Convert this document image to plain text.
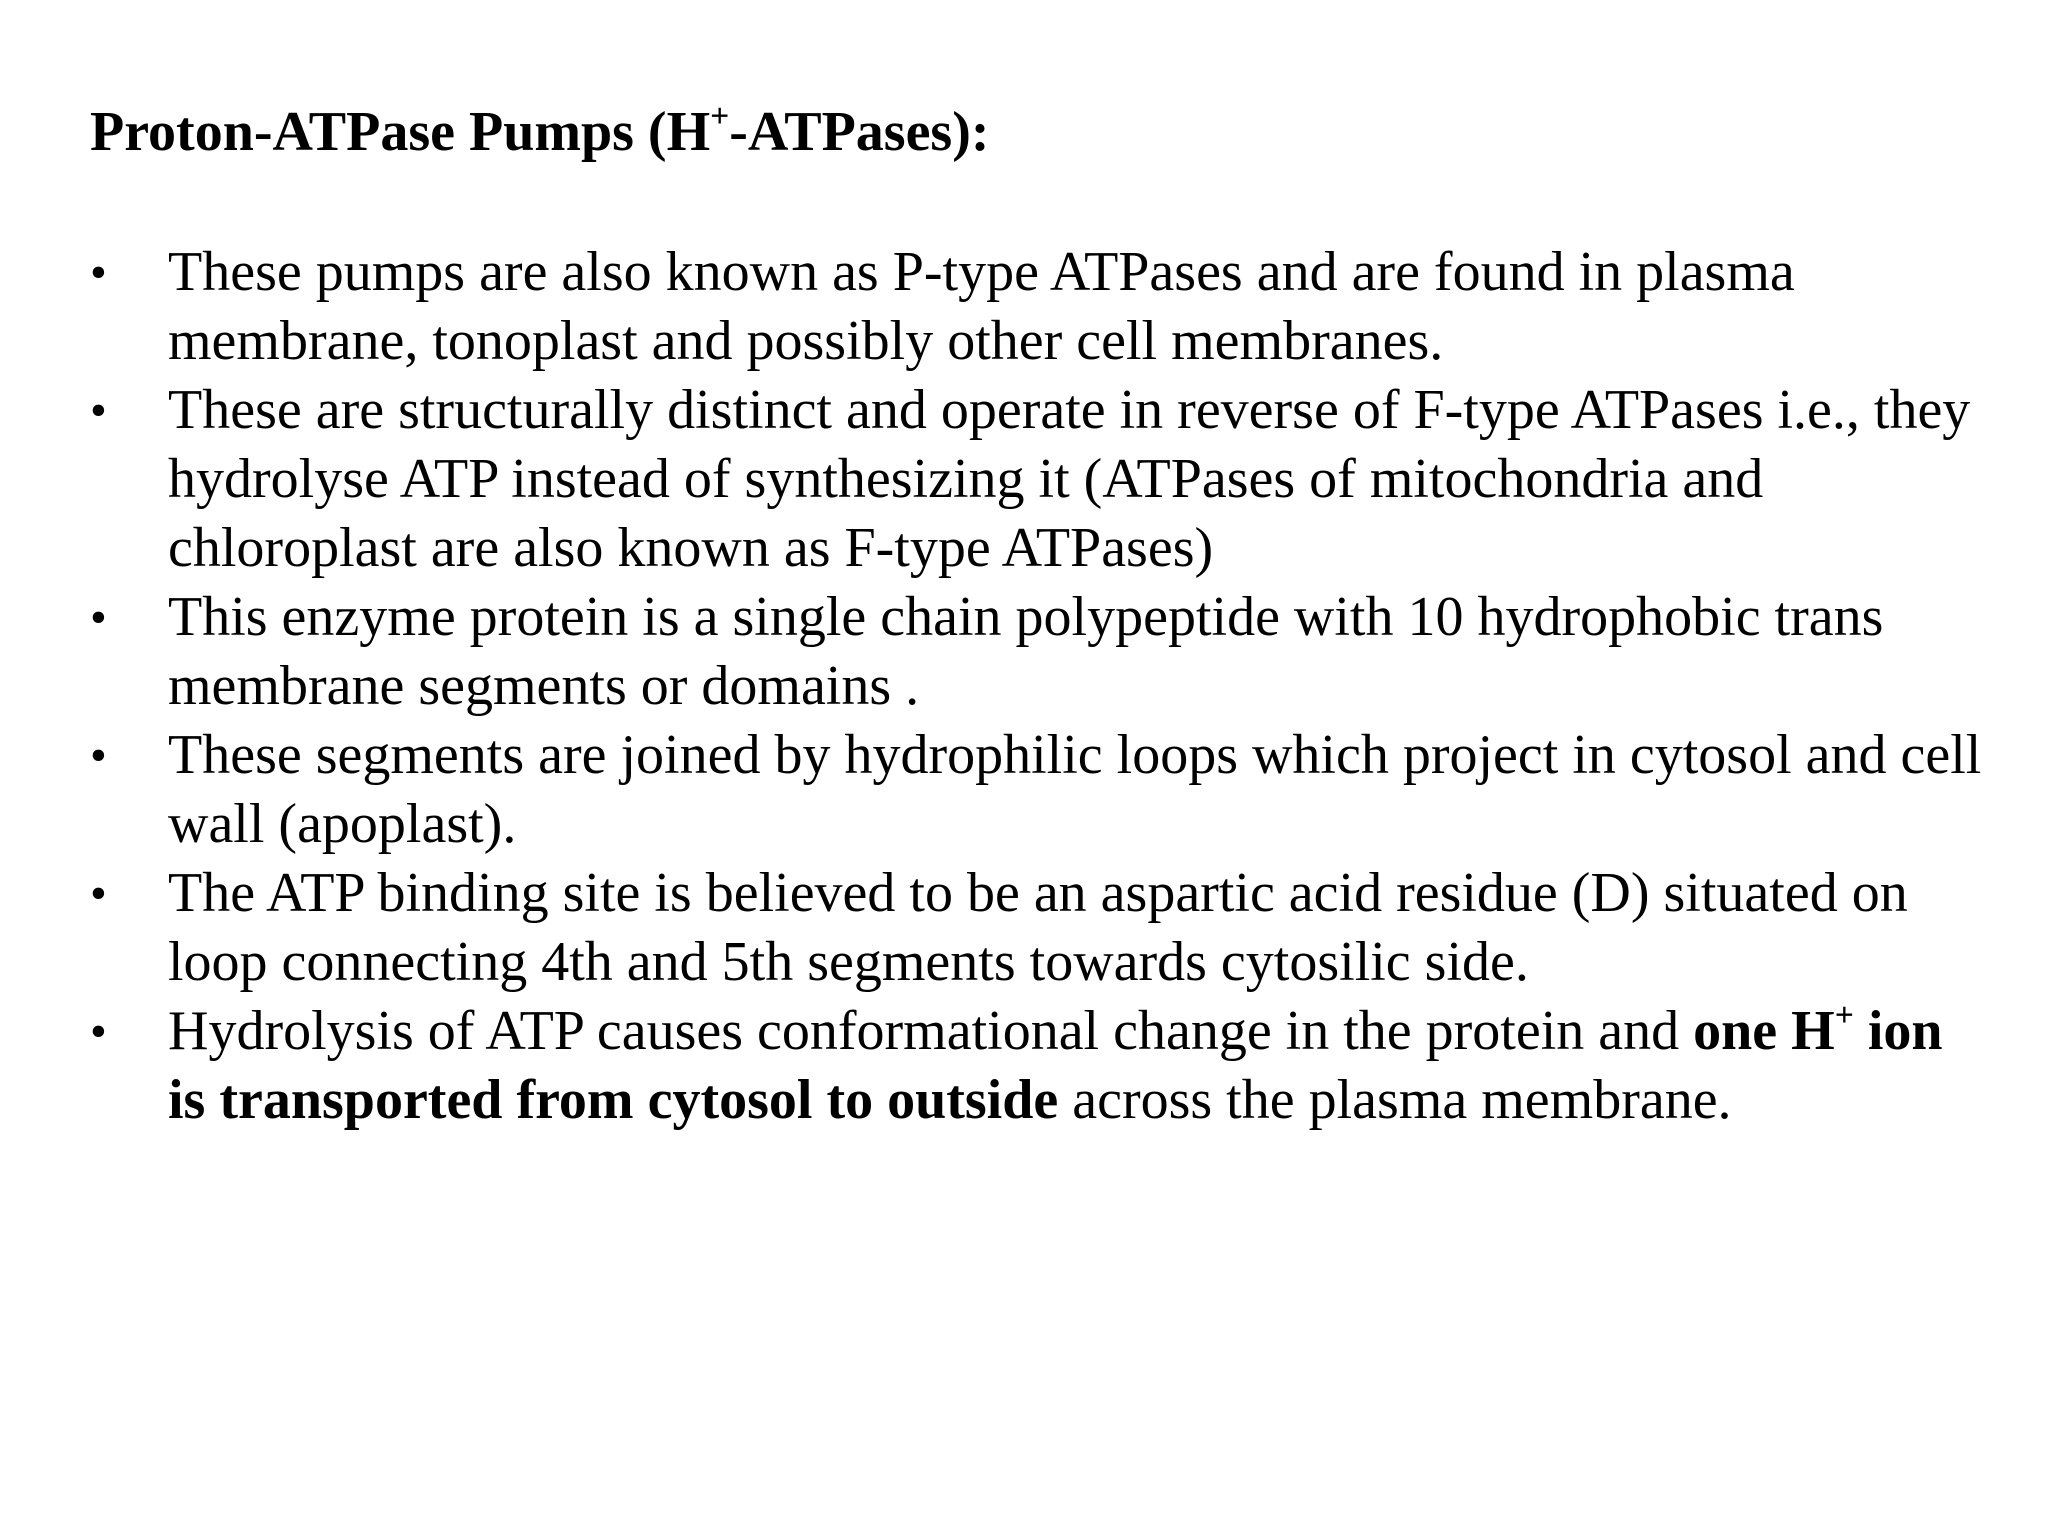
Proton-ATPase Pumps (H+-ATPases):
• These pumps are also known as P-type ATPases and are found in plasma membrane, tonoplast and possibly other cell membranes.
• These are structurally distinct and operate in reverse of F-type ATPases i.e., they hydrolyse ATP instead of synthesizing it (ATPases of mitochondria and chloroplast are also known as F-type ATPases)
• This enzyme protein is a single chain polypeptide with 10 hydrophobic trans membrane segments or domains .
• These segments are joined by hydrophilic loops which project in cytosol and cell wall (apoplast).
• The ATP binding site is believed to be an aspartic acid residue (D) situated on loop connecting 4th and 5th segments towards cytosilic side.
• Hydrolysis of ATP causes conformational change in the protein and one H+ ion is transported from cytosol to outside across the plasma membrane.
